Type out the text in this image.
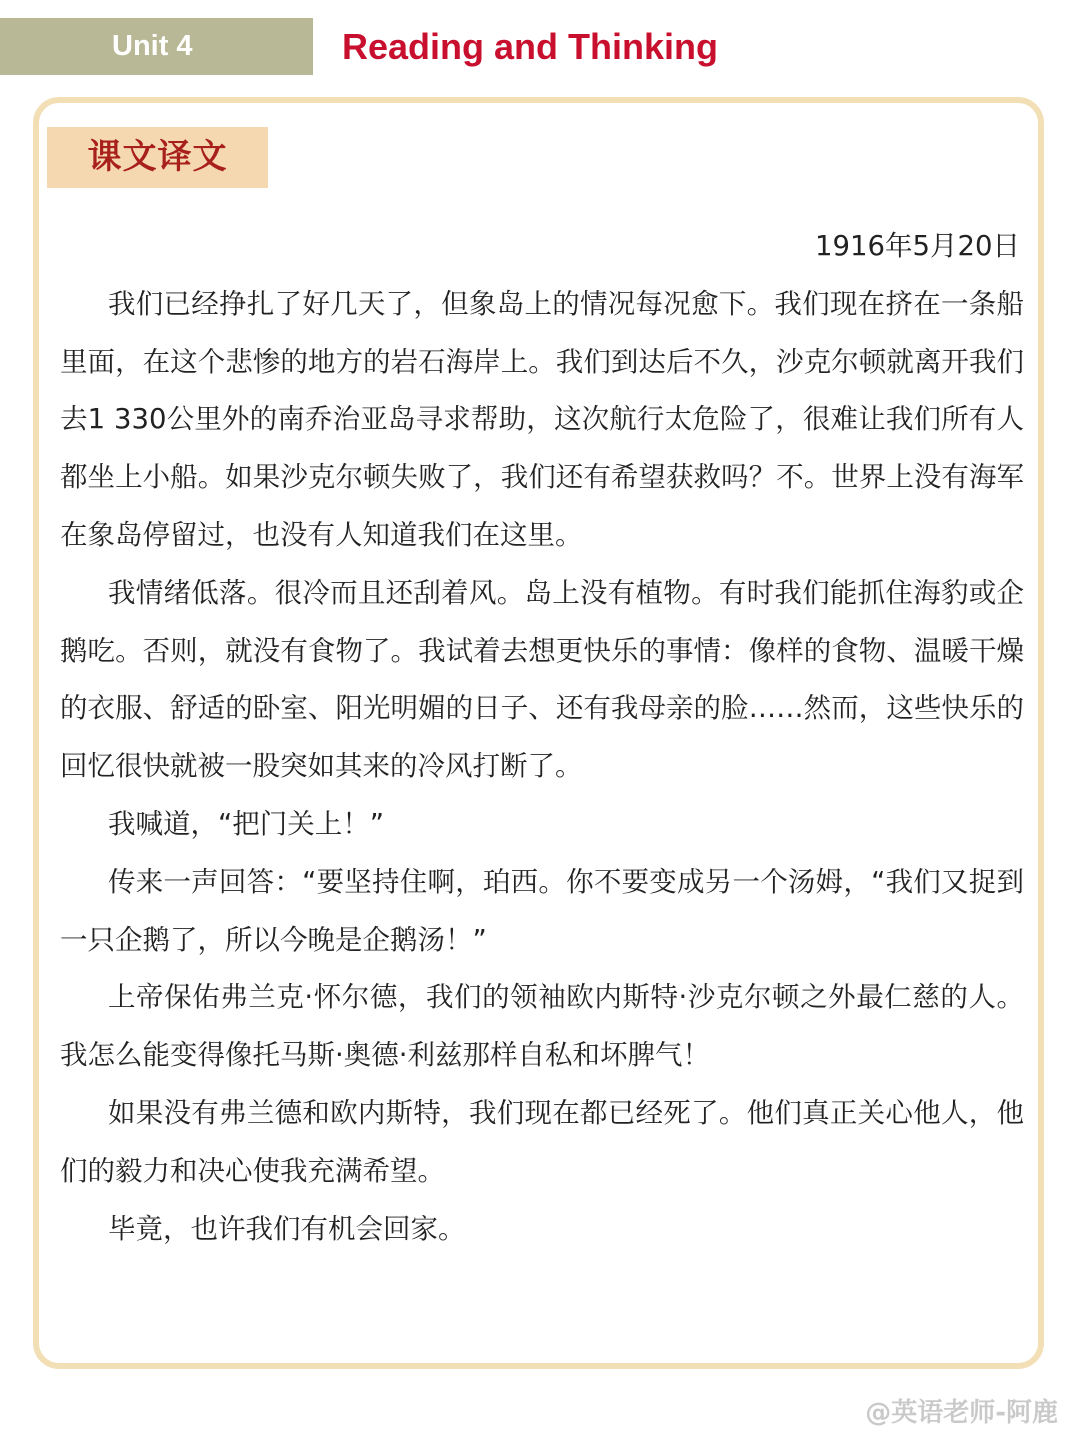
Unit 4	Reading and Thinking
课文译文

1916年5月20日

我们已经挣扎了好几天了，但象岛上的情况每况愈下。我们现在挤在一条船里面，在这个悲惨的地方的岩石海岸上。我们到达后不久，沙克尔顿就离开我们去1 330公里外的南乔治亚岛寻求帮助，这次航行太危险了，很难让我们所有人都坐上小船。如果沙克尔顿失败了，我们还有希望获救吗？不。世界上没有海军在象岛停留过，也没有人知道我们在这里。

我情绪低落。很冷而且还刮着风。岛上没有植物。有时我们能抓住海豹或企鹅吃。否则，就没有食物了。我试着去想更快乐的事情：像样的食物、温暖干燥的衣服、舒适的卧室、阳光明媚的日子、还有我母亲的脸……然而，这些快乐的回忆很快就被一股突如其来的冷风打断了。

我喊道，“把门关上！”

传来一声回答：“要坚持住啊，珀西。你不要变成另一个汤姆，“我们又捉到一只企鹅了，所以今晚是企鹅汤！”

上帝保佑弗兰克·怀尔德，我们的领袖欧内斯特·沙克尔顿之外最仁慈的人。我怎么能变得像托马斯·奥德·利兹那样自私和坏脾气！

如果没有弗兰德和欧内斯特，我们现在都已经死了。他们真正关心他人，他们的毅力和决心使我充满希望。

毕竟，也许我们有机会回家。

@英语老师-阿鹿
